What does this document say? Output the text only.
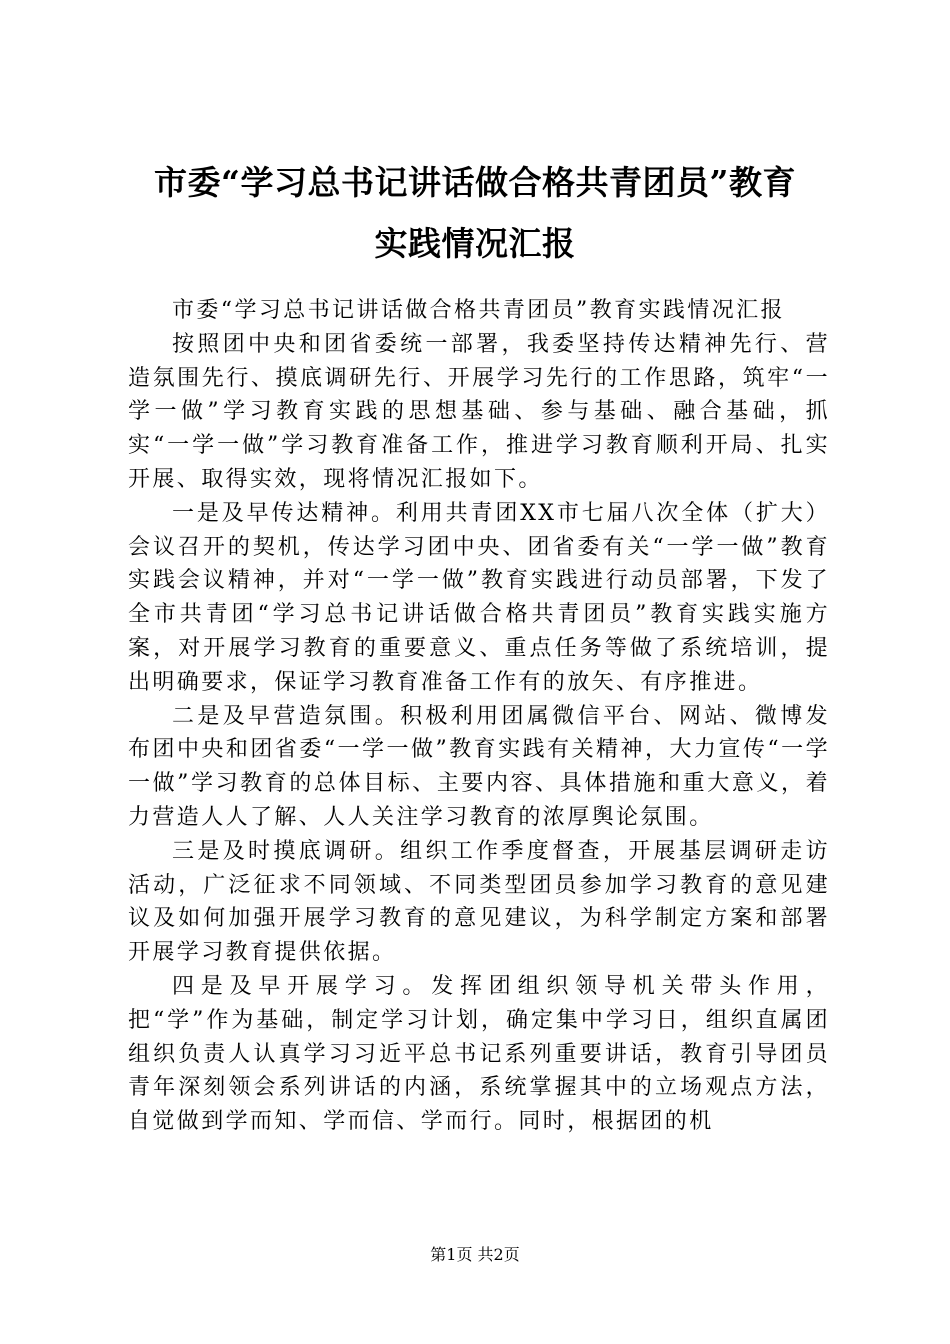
市委“学习总书记讲话做合格共青团员”教育
实践情况汇报

市委“学习总书记讲话做合格共青团员”教育实践情况汇报

按照团中央和团省委统一部署，我委坚持传达精神先行、营造氛围先行、摸底调研先行、开展学习先行的工作思路，筑牢“一学一做”学习教育实践的思想基础、参与基础、融合基础，抓实“一学一做”学习教育准备工作，推进学习教育顺利开局、扎实开展、取得实效，现将情况汇报如下。

一是及早传达精神。利用共青团XX市七届八次全体（扩大）会议召开的契机，传达学习团中央、团省委有关“一学一做”教育实践会议精神，并对“一学一做”教育实践进行动员部署，下发了全市共青团“学习总书记讲话做合格共青团员”教育实践实施方案，对开展学习教育的重要意义、重点任务等做了系统培训，提出明确要求，保证学习教育准备工作有的放矢、有序推进。

二是及早营造氛围。积极利用团属微信平台、网站、微博发布团中央和团省委“一学一做”教育实践有关精神，大力宣传“一学一做”学习教育的总体目标、主要内容、具体措施和重大意义，着力营造人人了解、人人关注学习教育的浓厚舆论氛围。

三是及时摸底调研。组织工作季度督查，开展基层调研走访活动，广泛征求不同领域、不同类型团员参加学习教育的意见建议及如何加强开展学习教育的意见建议，为科学制定方案和部署开展学习教育提供依据。

四是及早开展学习。发挥团组织领导机关带头作用，把“学”作为基础，制定学习计划，确定集中学习日，组织直属团组织负责人认真学习习近平总书记系列重要讲话，教育引导团员青年深刻领会系列讲话的内涵，系统掌握其中的立场观点方法，自觉做到学而知、学而信、学而行。同时，根据团的机

第1页 共2页
